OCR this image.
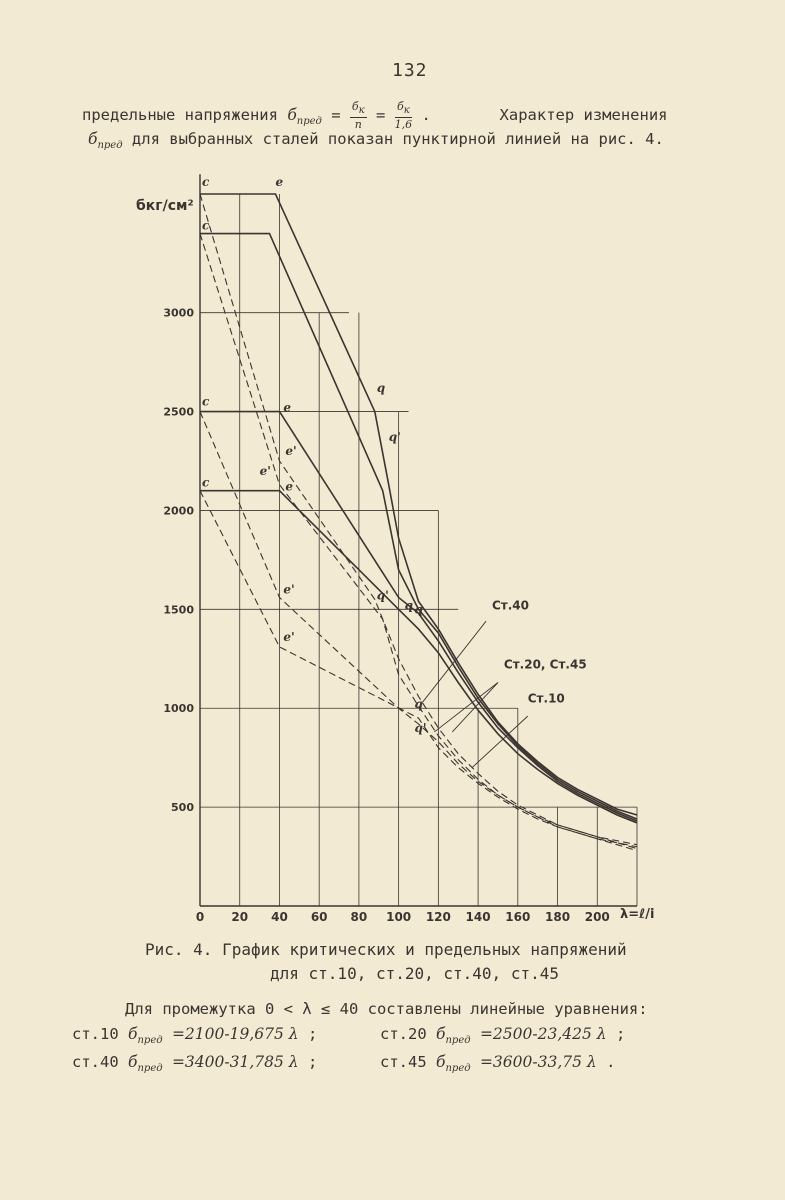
132
предельные напряжения $б_{пред} = \frac{б_к}{n} = \frac{б_к}{1,6}$ .	Характер изменения
$б_{пред}$ для выбранных сталей показан пунктирной линией на рис. 4.
бкг/см²
λ=ℓ/i
0 20 40 60 80 100 120 140 160 180 200
500
1000
1500
2000
2500
3000
c	e
c
c	e
c	e
e'
e'
e'
e'
q
q'
q'
q q
q
q'
Cт.40
Cт.20, Cт.45
Cт.10
Рис. 4. График критических и предельных напряжений
для ст.10, ст.20, ст.40, ст.45
Для промежутка 0 < λ ≤ 40 составлены линейные уравнения:
ст.10 $б_{пред} =2100-19,675$ λ ;	ст.20 $б_{пред} =2500-23,425$ λ ;
ст.40 $б_{пред} =3400-31,785$ λ ;	ст.45 $б_{пред} =3600-33,75$ λ .
